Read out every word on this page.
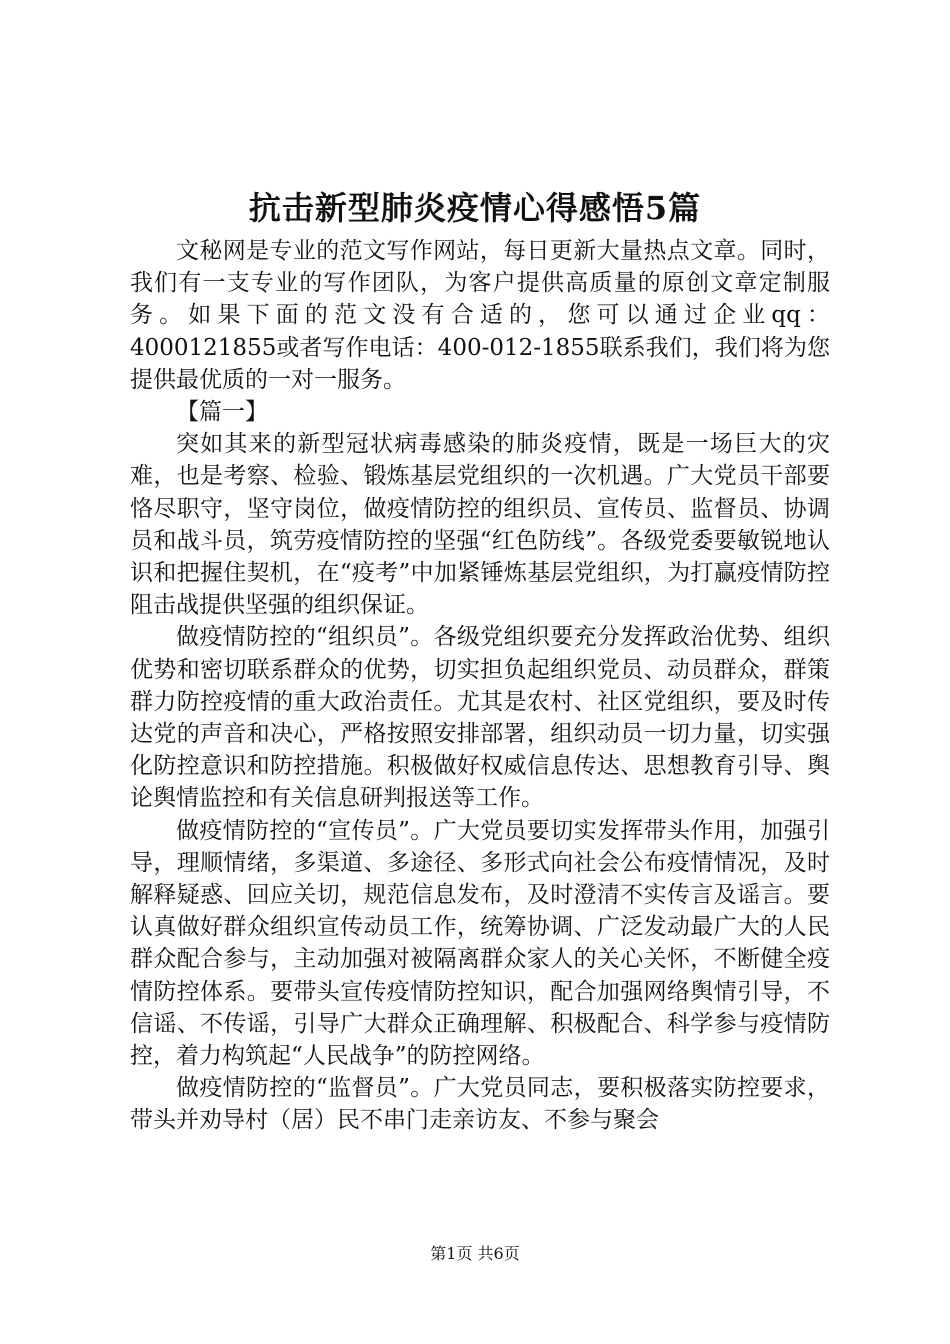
抗击新型肺炎疫情心得感悟5篇

文秘网是专业的范文写作网站，每日更新大量热点文章。同时，我们有一支专业的写作团队，为客户提供高质量的原创文章定制服务。如果下面的范文没有合适的，您可以通过企业qq：4000121855或者写作电话：400-012-1855联系我们，我们将为您提供最优质的一对一服务。

【篇一】

突如其来的新型冠状病毒感染的肺炎疫情，既是一场巨大的灾难，也是考察、检验、锻炼基层党组织的一次机遇。广大党员干部要恪尽职守，坚守岗位，做疫情防控的组织员、宣传员、监督员、协调员和战斗员，筑劳疫情防控的坚强“红色防线”。各级党委要敏锐地认识和把握住契机，在“疫考”中加紧锤炼基层党组织，为打赢疫情防控阻击战提供坚强的组织保证。

做疫情防控的“组织员”。各级党组织要充分发挥政治优势、组织优势和密切联系群众的优势，切实担负起组织党员、动员群众，群策群力防控疫情的重大政治责任。尤其是农村、社区党组织，要及时传达党的声音和决心，严格按照安排部署，组织动员一切力量，切实强化防控意识和防控措施。积极做好权威信息传达、思想教育引导、舆论舆情监控和有关信息研判报送等工作。

做疫情防控的“宣传员”。广大党员要切实发挥带头作用，加强引导，理顺情绪，多渠道、多途径、多形式向社会公布疫情情况，及时解释疑惑、回应关切，规范信息发布，及时澄清不实传言及谣言。要认真做好群众组织宣传动员工作，统筹协调、广泛发动最广大的人民群众配合参与，主动加强对被隔离群众家人的关心关怀，不断健全疫情防控体系。要带头宣传疫情防控知识，配合加强网络舆情引导，不信谣、不传谣，引导广大群众正确理解、积极配合、科学参与疫情防控，着力构筑起“人民战争”的防控网络。

做疫情防控的“监督员”。广大党员同志，要积极落实防控要求，带头并劝导村（居）民不串门走亲访友、不参与聚会

第1页 共6页
